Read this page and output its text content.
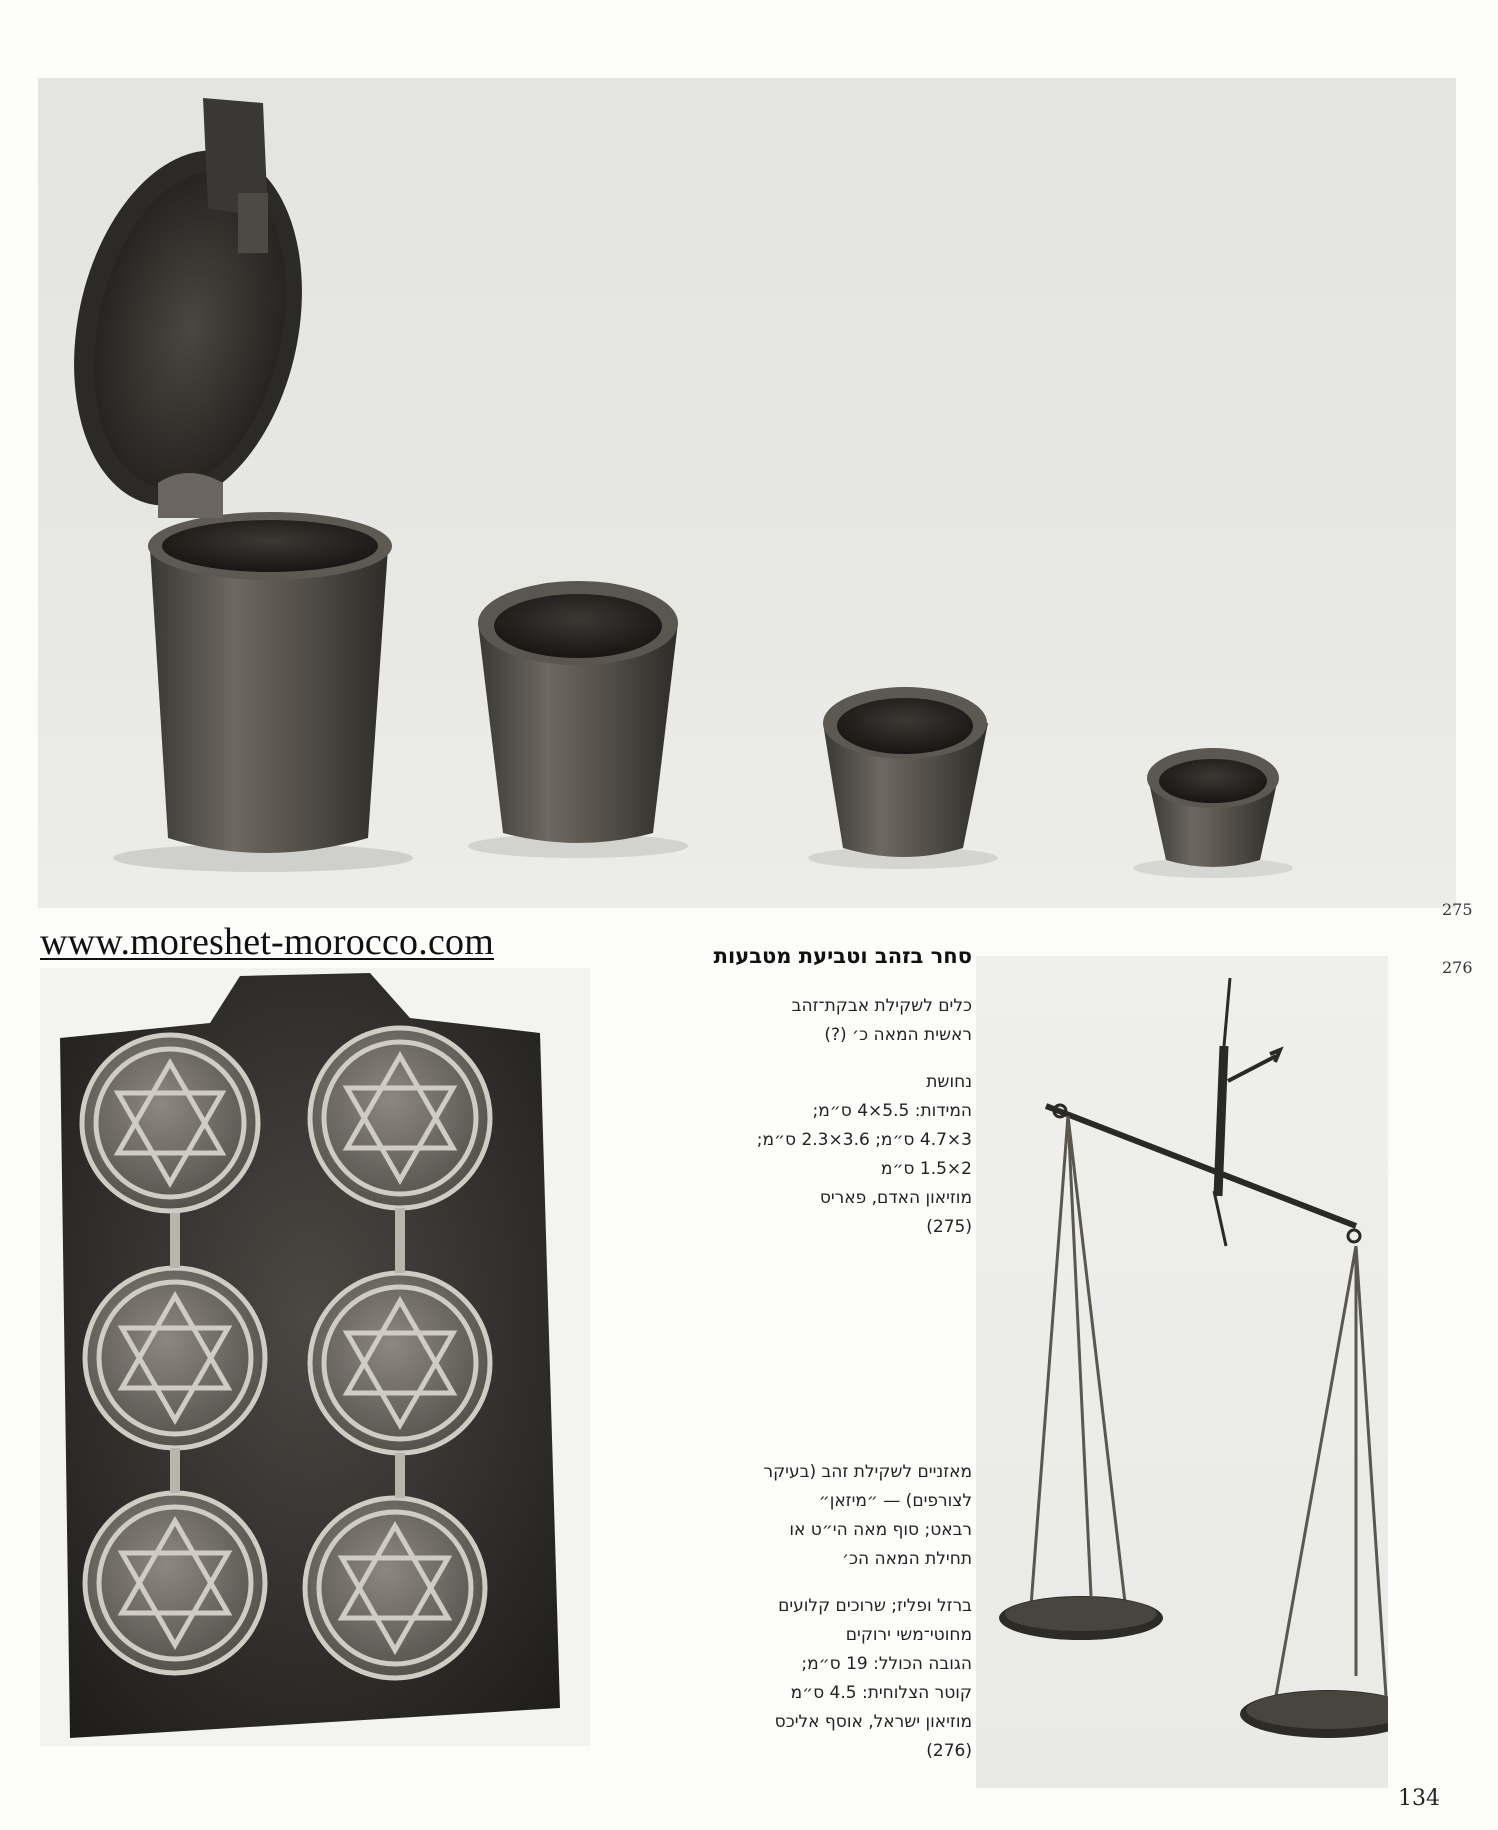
275
276
www.moreshet-morocco.com	סחר בזהב וטביעת מטבעות

כלים לשקילת אבקת־זהב

ראשית המאה כ׳ (?)

נחושת

המידות: 5.5×4 ס״מ;

3×4.7 ס״מ; 3.6×2.3 ס״מ;

2×1.5 ס״מ

מוזיאון האדם, פאריס

(275)

מאזניים לשקילת זהב (בעיקר

לצורפים) — ״מיזאן״

רבאט; סוף מאה הי״ט או

תחילת המאה הכ׳

ברזל ופליז; שרוכים קלועים

מחוטי־משי ירוקים

הגובה הכולל: 19 ס״מ;

קוטר הצלוחית: 4.5 ס״מ

מוזיאון ישראל, אוסף אליכס

(276)

134
